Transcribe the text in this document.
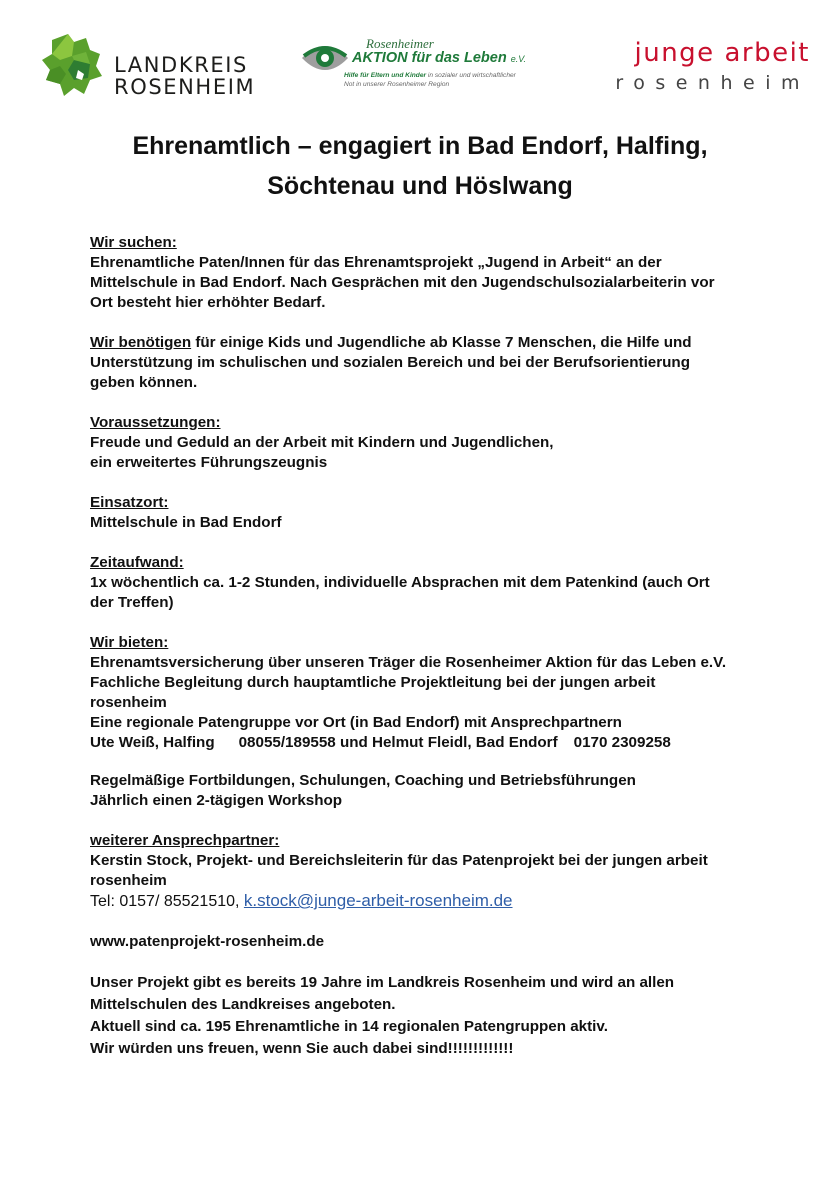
LANDKREIS
ROSENHEIM
Rosenheimer
AKTION für das Leben e.V.
Hilfe für Eltern und Kinder in sozialer und wirtschaftlicher
Not in unserer Rosenheimer Region
junge arbeit
rosenheim
Ehrenamtlich – engagiert in Bad Endorf, Halfing,
Söchtenau und Höslwang

Wir suchen:

Ehrenamtliche Paten/Innen für das Ehrenamtsprojekt „Jugend in Arbeit“ an der

Mittelschule in Bad Endorf. Nach Gesprächen mit den Jugendschulsozialarbeiterin vor

Ort besteht hier erhöhter Bedarf.

Wir benötigen für einige Kids und Jugendliche ab Klasse 7 Menschen, die Hilfe und

Unterstützung im schulischen und sozialen Bereich und bei der Berufsorientierung

geben können.

Voraussetzungen:

Freude und Geduld an der Arbeit mit Kindern und Jugendlichen,

ein erweitertes Führungszeugnis

Einsatzort:

Mittelschule in Bad Endorf

Zeitaufwand:

1x wöchentlich ca. 1-2 Stunden, individuelle Absprachen mit dem Patenkind (auch Ort

der Treffen)

Wir bieten:

Ehrenamtsversicherung über unseren Träger die Rosenheimer Aktion für das Leben e.V.

Fachliche Begleitung durch hauptamtliche Projektleitung bei der jungen arbeit

rosenheim

Eine regionale Patengruppe vor Ort (in Bad Endorf) mit Ansprechpartnern

Ute Weiß, Halfing 08055/189558 und Helmut Fleidl, Bad Endorf 0170 2309258

Regelmäßige Fortbildungen, Schulungen, Coaching und Betriebsführungen

Jährlich einen 2-tägigen Workshop

weiterer Ansprechpartner:

Kerstin Stock, Projekt- und Bereichsleiterin für das Patenprojekt bei der jungen arbeit

rosenheim

Tel: 0157/ 85521510, k.stock@junge-arbeit-rosenheim.de

www.patenprojekt-rosenheim.de

Unser Projekt gibt es bereits 19 Jahre im Landkreis Rosenheim und wird an allen

Mittelschulen des Landkreises angeboten.

Aktuell sind ca. 195 Ehrenamtliche in 14 regionalen Patengruppen aktiv.

Wir würden uns freuen, wenn Sie auch dabei sind!!!!!!!!!!!!!
